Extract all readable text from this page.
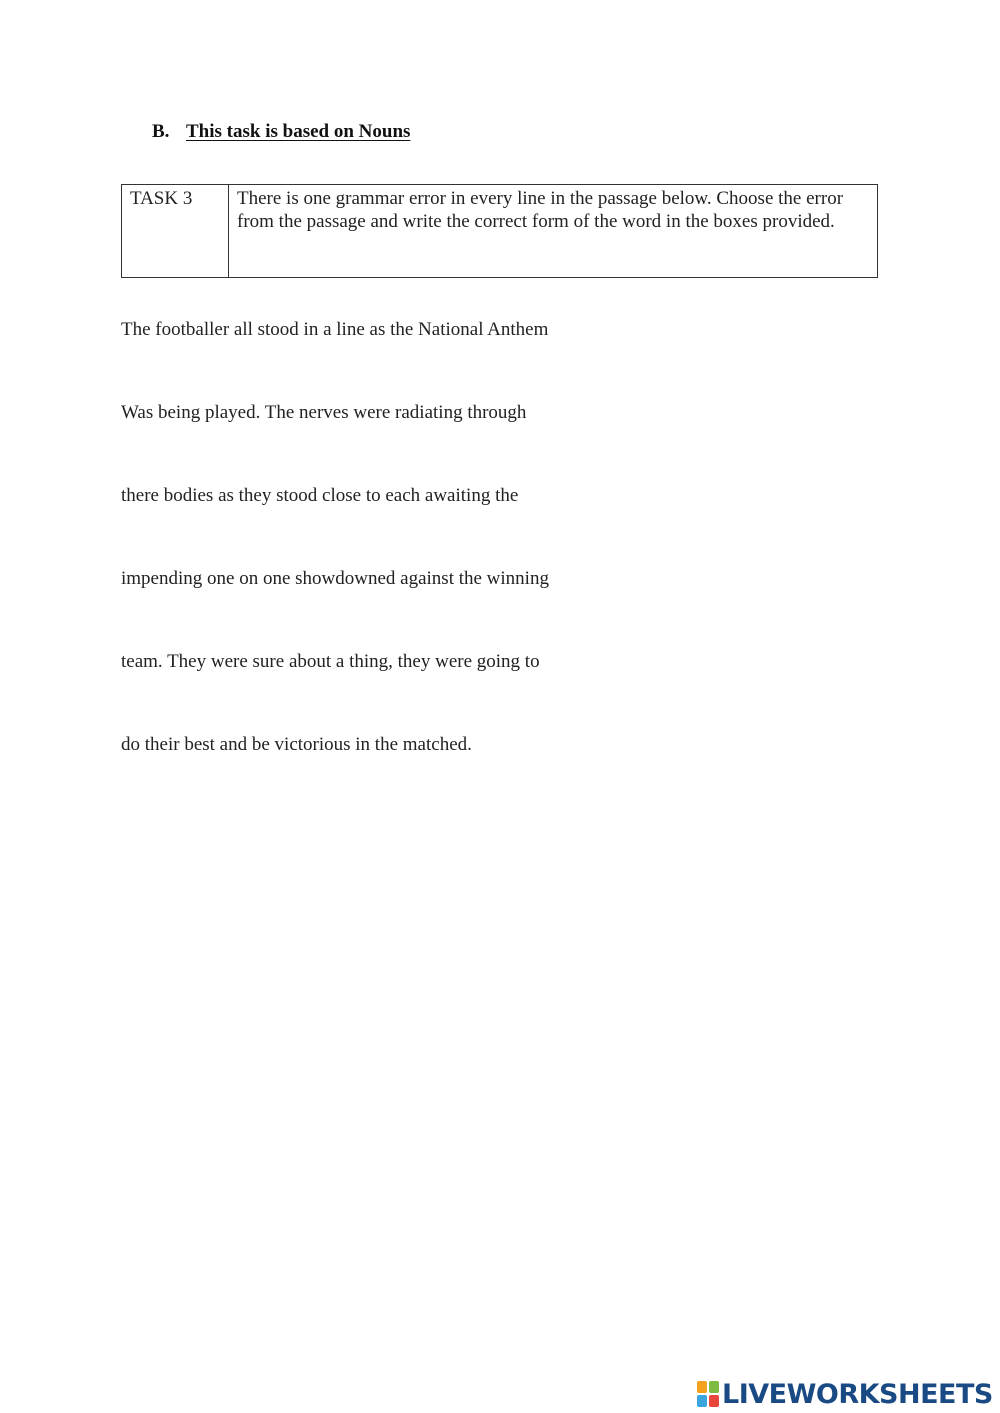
B. This task is based on Nouns
TASK 3	There is one grammar error in every line in the passage below. Choose the error from the passage and write the correct form of the word in the boxes provided.
The footballer all stood in a line as the National Anthem
Was being played. The nerves were radiating through
there bodies as they stood close to each awaiting the
impending one on one showdowned against the winning
team. They were sure about a thing, they were going to
do their best and be victorious in the matched.
LIVEWORKSHEETS
